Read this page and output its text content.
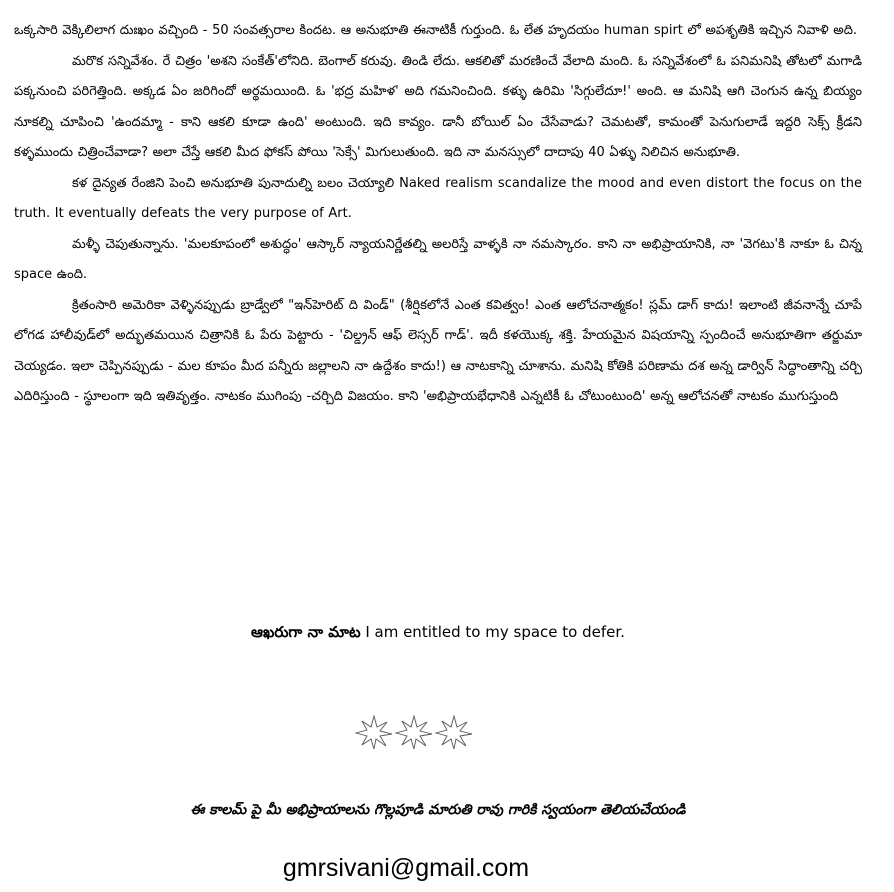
ఒక్కసారి వెక్కిలిలాగ దుఃఖం వచ్చింది - 50 సంవత్సరాల కిందట. ఆ అనుభూతి ఈనాటికీ గుర్తుంది. ఓ లేత హృదయం human spirt లో అపశృతికి ఇచ్చిన నివాళి అది.

మరొక సన్నివేశం. రే చిత్రం 'అశని సంకేత్'లోనిది. బెంగాల్ కరువు. తిండి లేదు. ఆకలితో మరణించే వేలాది మంది. ఓ సన్నివేశంలో ఓ పనిమనిషి తోటలో మగాడి పక్కనుంచి పరిగెత్తింది. అక్కడ ఏం జరిగిందో అర్థమయింది. ఓ 'భద్ర మహిళ' అది గమనించింది. కళ్ళు ఉరిమి 'సిగ్గులేదూ!' అంది. ఆ మనిషి ఆగి చెంగున ఉన్న బియ్యం నూకల్ని చూపించి 'ఉందమ్మా - కాని ఆకలి కూడా ఉంది' అంటుంది. ఇది కావ్యం. డానీ బోయిల్ ఏం చేసేవాడు? చెమటతో, కామంతో పెనుగులాడే ఇద్దరి సెక్స్ క్రీడని కళ్ళముందు చిత్రించేవాడా? అలా చేస్తే ఆకలి మీద ఫోకస్ పోయి 'సెక్సే' మిగులుతుంది. ఇది నా మనస్సులో దాదాపు 40 ఏళ్ళు నిలిచిన అనుభూతి.

కళ దైన్యత రేంజిని పెంచి అనుభూతి పునాదుల్ని బలం చెయ్యాలి Naked realism scandalize the mood and even distort the focus on the truth. It eventually defeats the very purpose of Art.

మళ్ళీ చెపుతున్నాను. 'మలకూపంలో అశుద్ధం' ఆస్కార్ న్యాయనిర్ణేతల్ని అలరిస్తే వాళ్ళకి నా నమస్కారం. కాని నా అభిప్రాయానికి, నా 'వెగటు'కి నాకూ ఓ చిన్న space ఉంది.

క్రితంసారి అమెరికా వెళ్ళినప్పుడు బ్రాడ్వేలో "ఇన్‌హెరిట్ ది విండ్" (శీర్షికలోనే ఎంత కవిత్వం! ఎంత ఆలోచనాత్మకం! స్లమ్ డాగ్ కాదు! ఇలాంటి జీవనాన్నే చూపే లోగడ హాలీవుడ్‌లో అద్భుతమయిన చిత్రానికి ఓ పేరు పెట్టారు - 'చిల్డ్రన్ ఆఫ్ లెస్సర్ గాడ్'. ఇదీ కళయొక్క శక్తి. హేయమైన విషయాన్ని స్పందించే అనుభూతిగా తర్జుమా చెయ్యడం. ఇలా చెప్పినప్పుడు - మల కూపం మీద పన్నీరు జల్లాలని నా ఉద్దేశం కాదు!) ఆ నాటకాన్ని చూశాను. మనిషి కోతికి పరిణామ దశ అన్న డార్విన్ సిద్ధాంతాన్ని చర్చి ఎదిరిస్తుంది - స్థూలంగా ఇది ఇతివృత్తం. నాటకం ముగింపు -చర్చిది విజయం. కాని 'అభిప్రాయభేధానికి ఎన్నటికీ ఓ చోటుంటుంది' అన్న ఆలోచనతో నాటకం ముగుస్తుంది

ఆఖరుగా నా మాట I am entitled to my space to defer.
ఈ కాలమ్ పై మీ అభిప్రాయాలను గొల్లపూడి మారుతి రావు గారికి స్వయంగా తెలియచేయండి
gmrsivani@gmail.com
